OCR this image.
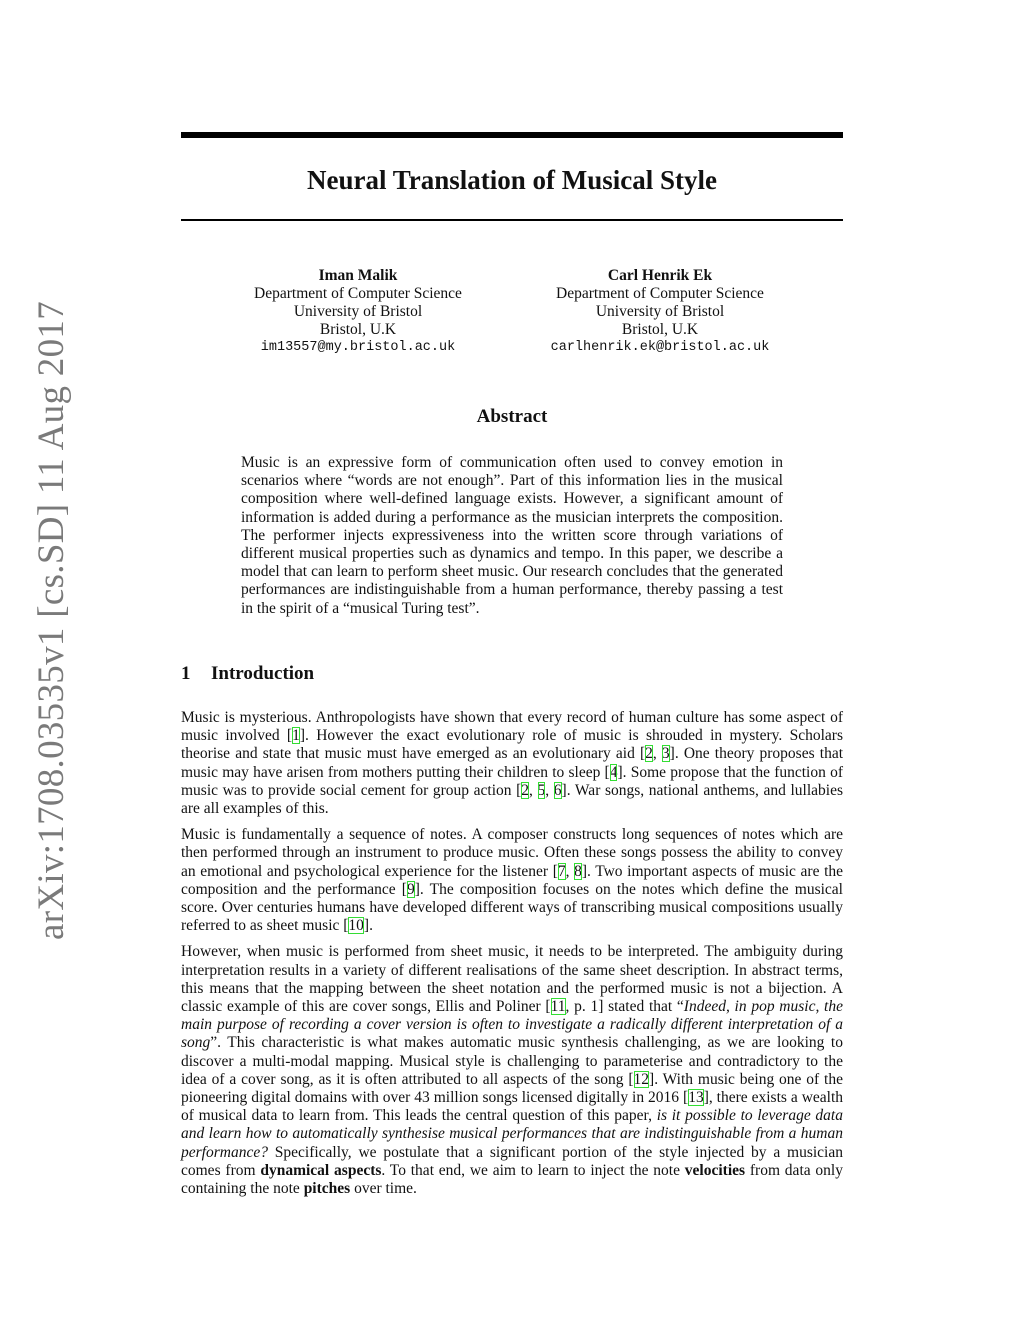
arXiv:1708.03535v1 [cs.SD] 11 Aug 2017
Neural Translation of Musical Style
Iman Malik
Department of Computer Science
University of Bristol
Bristol, U.K
im13557@my.bristol.ac.uk
Carl Henrik Ek
Department of Computer Science
University of Bristol
Bristol, U.K
carlhenrik.ek@bristol.ac.uk
Abstract
Music is an expressive form of communication often used to convey emotion in scenarios where “words are not enough”. Part of this information lies in the musical composition where well-defined language exists. However, a significant amount of information is added during a performance as the musician interprets the composition. The performer injects expressiveness into the written score through variations of different musical properties such as dynamics and tempo. In this paper, we describe a model that can learn to perform sheet music. Our research concludes that the generated performances are indistinguishable from a human performance, thereby passing a test in the spirit of a “musical Turing test”.
1 Introduction

Music is mysterious. Anthropologists have shown that every record of human culture has some aspect of music involved [1]. However the exact evolutionary role of music is shrouded in mystery. Scholars theorise and state that music must have emerged as an evolutionary aid [2, 3]. One theory proposes that music may have arisen from mothers putting their children to sleep [4]. Some propose that the function of music was to provide social cement for group action [2, 5, 6]. War songs, national anthems, and lullabies are all examples of this.

Music is fundamentally a sequence of notes. A composer constructs long sequences of notes which are then performed through an instrument to produce music. Often these songs possess the ability to convey an emotional and psychological experience for the listener [7, 8]. Two important aspects of music are the composition and the performance [9]. The composition focuses on the notes which define the musical score. Over centuries humans have developed different ways of transcribing musical compositions usually referred to as sheet music [10].

However, when music is performed from sheet music, it needs to be interpreted. The ambiguity during interpretation results in a variety of different realisations of the same sheet description. In abstract terms, this means that the mapping between the sheet notation and the performed music is not a bijection. A classic example of this are cover songs, Ellis and Poliner [11, p. 1] stated that “Indeed, in pop music, the main purpose of recording a cover version is often to investigate a radically different interpretation of a song”. This characteristic is what makes automatic music synthesis challenging, as we are looking to discover a multi-modal mapping. Musical style is challenging to parameterise and contradictory to the idea of a cover song, as it is often attributed to all aspects of the song [12]. With music being one of the pioneering digital domains with over 43 million songs licensed digitally in 2016 [13], there exists a wealth of musical data to learn from. This leads the central question of this paper, is it possible to leverage data and learn how to automatically synthesise musical performances that are indistinguishable from a human performance? Specifically, we postulate that a significant portion of the style injected by a musician comes from dynamical aspects. To that end, we aim to learn to inject the note velocities from data only containing the note pitches over time.
